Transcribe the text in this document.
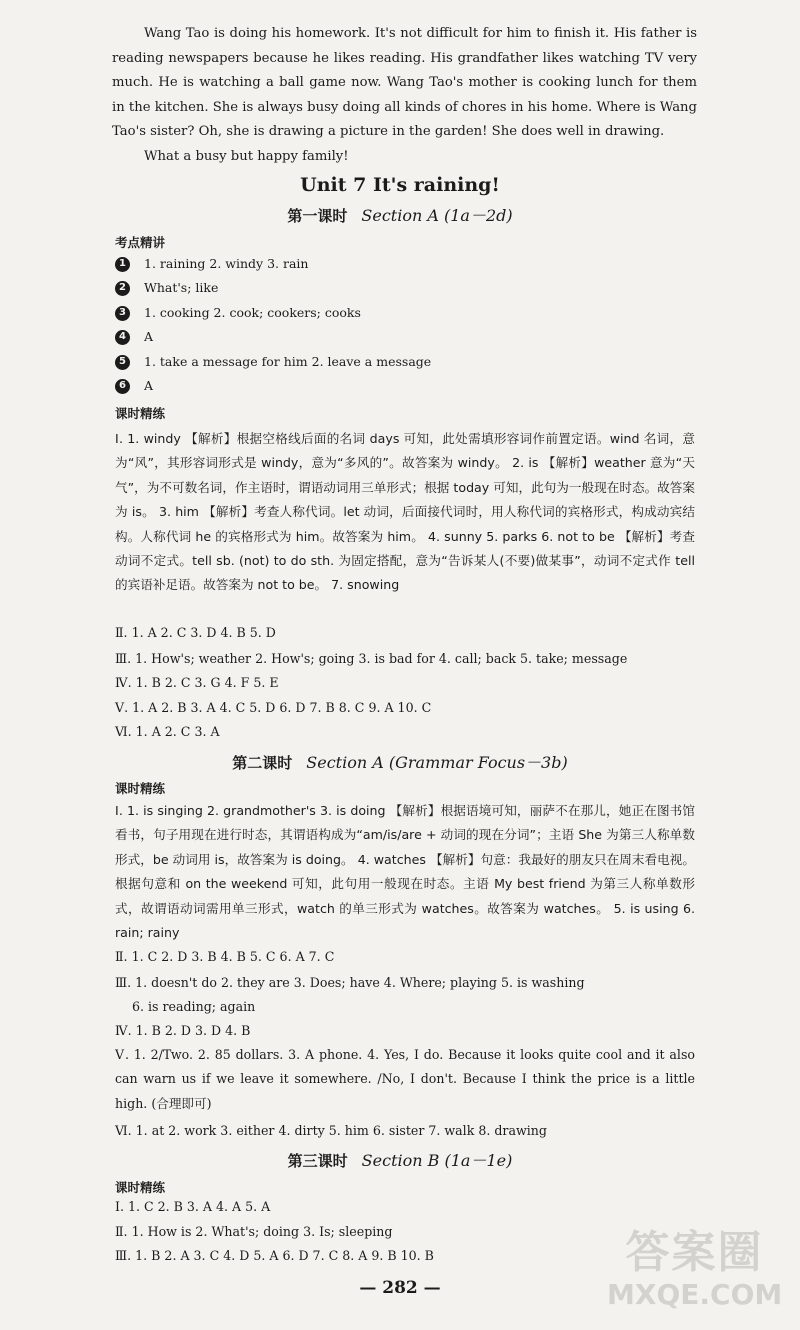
Wang Tao is doing his homework. It's not difficult for him to finish it. His father is reading newspapers because he likes reading. His grandfather likes watching TV very much. He is watching a ball game now. Wang Tao's mother is cooking lunch for them in the kitchen. She is always busy doing all kinds of chores in his home. Where is Wang Tao's sister? Oh, she is drawing a picture in the garden! She does well in drawing.
What a busy but happy family!
Unit 7 It's raining!
第一课时 Section A (1a－2d)
考点精讲
1	1. raining 2. windy 3. rain
2	What's; like
3	1. cooking 2. cook; cookers; cooks
4	A
5	1. take a message for him 2. leave a message
6	A
课时精练
Ⅰ. 1. windy 【解析】根据空格线后面的名词 days 可知，此处需填形容词作前置定语。wind 名词，意为“风”，其形容词形式是 windy，意为“多风的”。故答案为 windy。 2. is 【解析】weather 意为“天气”，为不可数名词，作主语时，谓语动词用三单形式；根据 today 可知，此句为一般现在时态。故答案为 is。 3. him 【解析】考查人称代词。let 动词，后面接代词时，用人称代词的宾格形式，构成动宾结构。人称代词 he 的宾格形式为 him。故答案为 him。 4. sunny 5. parks 6. not to be 【解析】考查动词不定式。tell sb. (not) to do sth. 为固定搭配，意为“告诉某人(不要)做某事”，动词不定式作 tell 的宾语补足语。故答案为 not to be。 7. snowing
Ⅱ. 1. A 2. C 3. D 4. B 5. D
Ⅲ. 1. How's; weather 2. How's; going 3. is bad for 4. call; back 5. take; message
Ⅳ. 1. B 2. C 3. G 4. F 5. E
Ⅴ. 1. A 2. B 3. A 4. C 5. D 6. D 7. B 8. C 9. A 10. C
Ⅵ. 1. A 2. C 3. A
第二课时 Section A (Grammar Focus－3b)
课时精练
Ⅰ. 1. is singing 2. grandmother's 3. is doing 【解析】根据语境可知，丽萨不在那儿，她正在图书馆看书，句子用现在进行时态，其谓语构成为“am/is/are + 动词的现在分词”；主语 She 为第三人称单数形式，be 动词用 is，故答案为 is doing。 4. watches 【解析】句意：我最好的朋友只在周末看电视。根据句意和 on the weekend 可知，此句用一般现在时态。主语 My best friend 为第三人称单数形式，故谓语动词需用单三形式，watch 的单三形式为 watches。故答案为 watches。 5. is using 6. rain; rainy
Ⅱ. 1. C 2. D 3. B 4. B 5. C 6. A 7. C
Ⅲ. 1. doesn't do 2. they are 3. Does; have 4. Where; playing 5. is washing
6. is reading; again
Ⅳ. 1. B 2. D 3. D 4. B
Ⅴ. 1. 2/Two. 2. 85 dollars. 3. A phone. 4. Yes, I do. Because it looks quite cool and it also can warn us if we leave it somewhere. /No, I don't. Because I think the price is a little high. (合理即可)
Ⅵ. 1. at 2. work 3. either 4. dirty 5. him 6. sister 7. walk 8. drawing
第三课时 Section B (1a－1e)
课时精练
Ⅰ. 1. C 2. B 3. A 4. A 5. A
Ⅱ. 1. How is 2. What's; doing 3. Is; sleeping
Ⅲ. 1. B 2. A 3. C 4. D 5. A 6. D 7. C 8. A 9. B 10. B
— 282 —
答案圈
MXQE.COM
